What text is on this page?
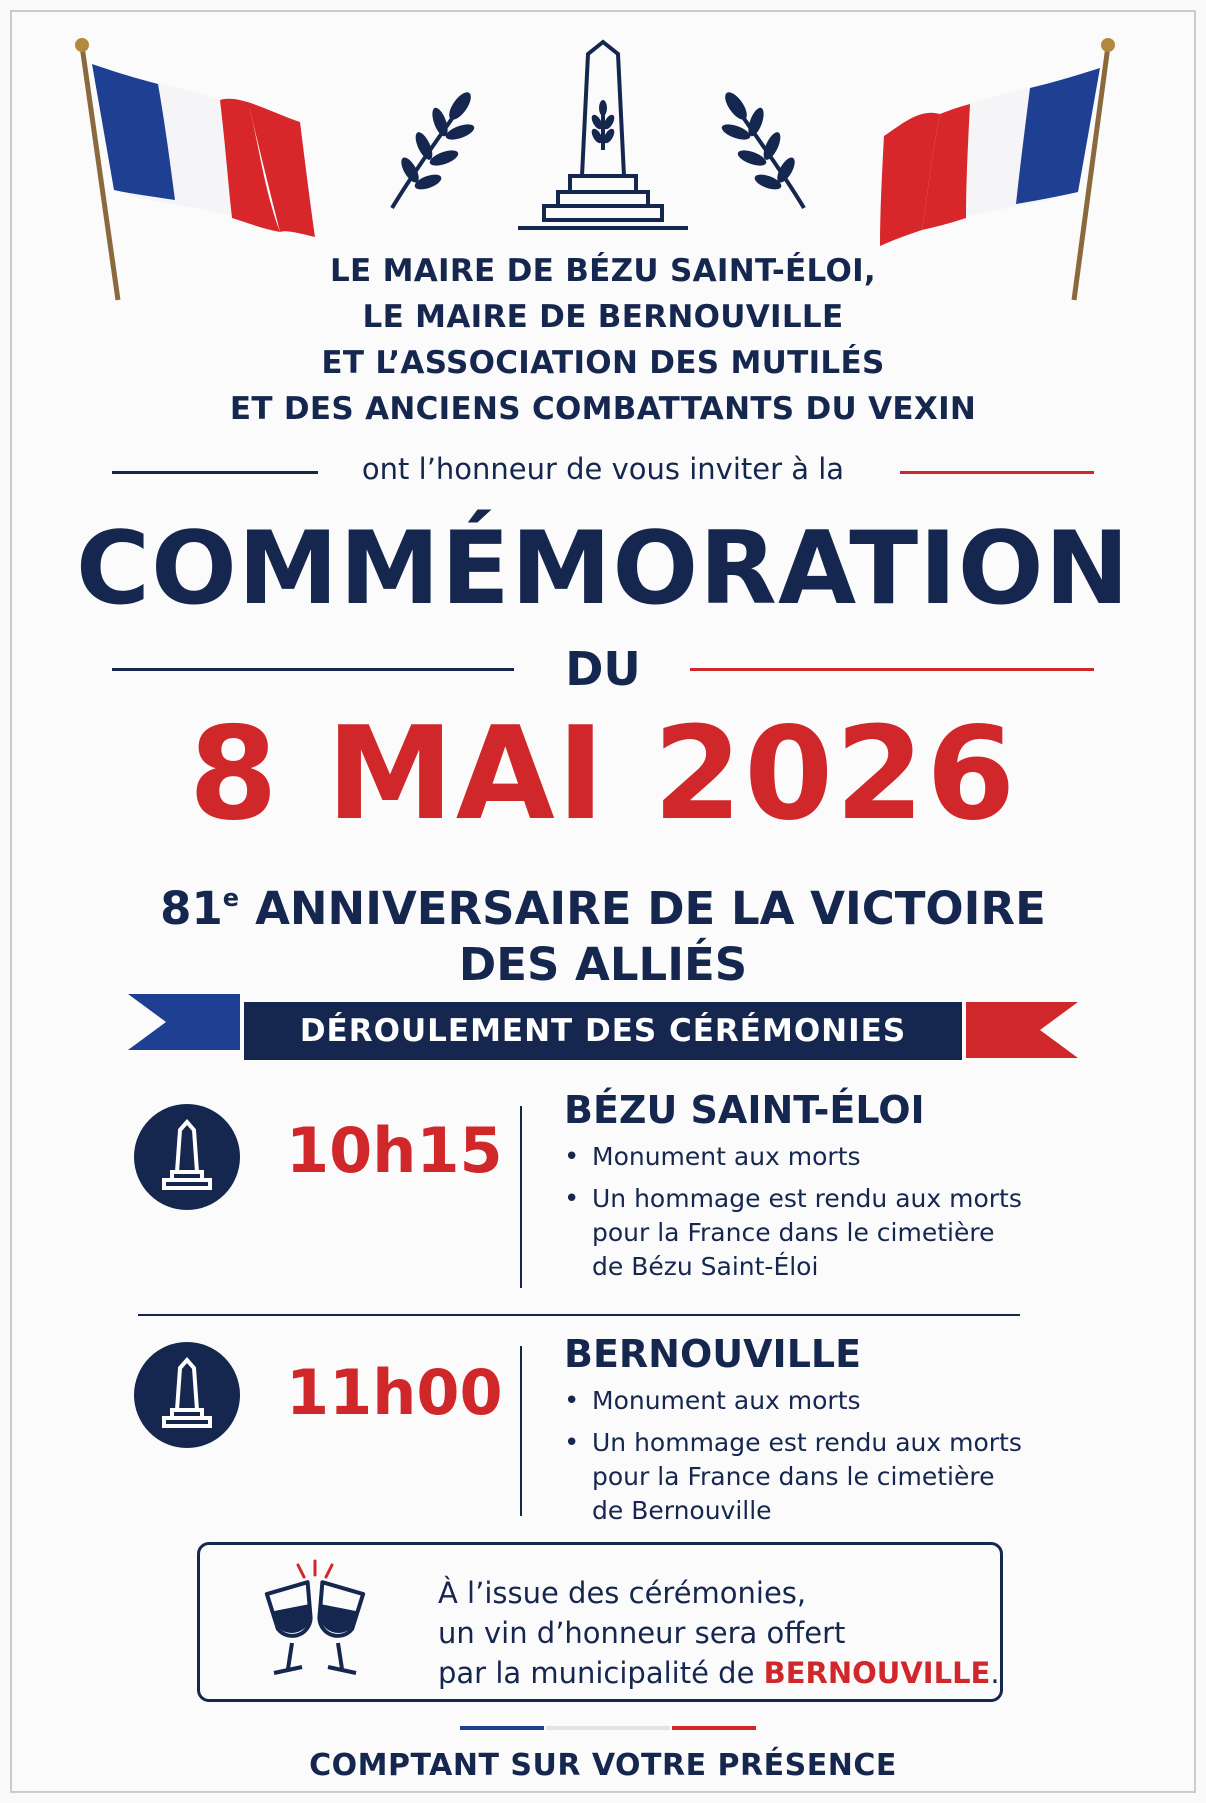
LE MAIRE DE BÉZU SAINT-ÉLOI,
LE MAIRE DE BERNOUVILLE
ET L’ASSOCIATION DES MUTILÉS
ET DES ANCIENS COMBATTANTS DU VEXIN
ont l’honneur de vous inviter à la
COMMÉMORATION
DU
8 MAI 2026
81e ANNIVERSAIRE DE LA VICTOIRE
DES ALLIÉS
DÉROULEMENT DES CÉRÉMONIES
10h15
BÉZU SAINT-ÉLOI
• Monument aux morts
• Un hommage est rendu aux morts pour la France dans le cimetière de Bézu Saint-Éloi
11h00
BERNOUVILLE
• Monument aux morts
• Un hommage est rendu aux morts pour la France dans le cimetière de Bernouville
À l’issue des cérémonies,
un vin d’honneur sera offert
par la municipalité de BERNOUVILLE.
COMPTANT SUR VOTRE PRÉSENCE
